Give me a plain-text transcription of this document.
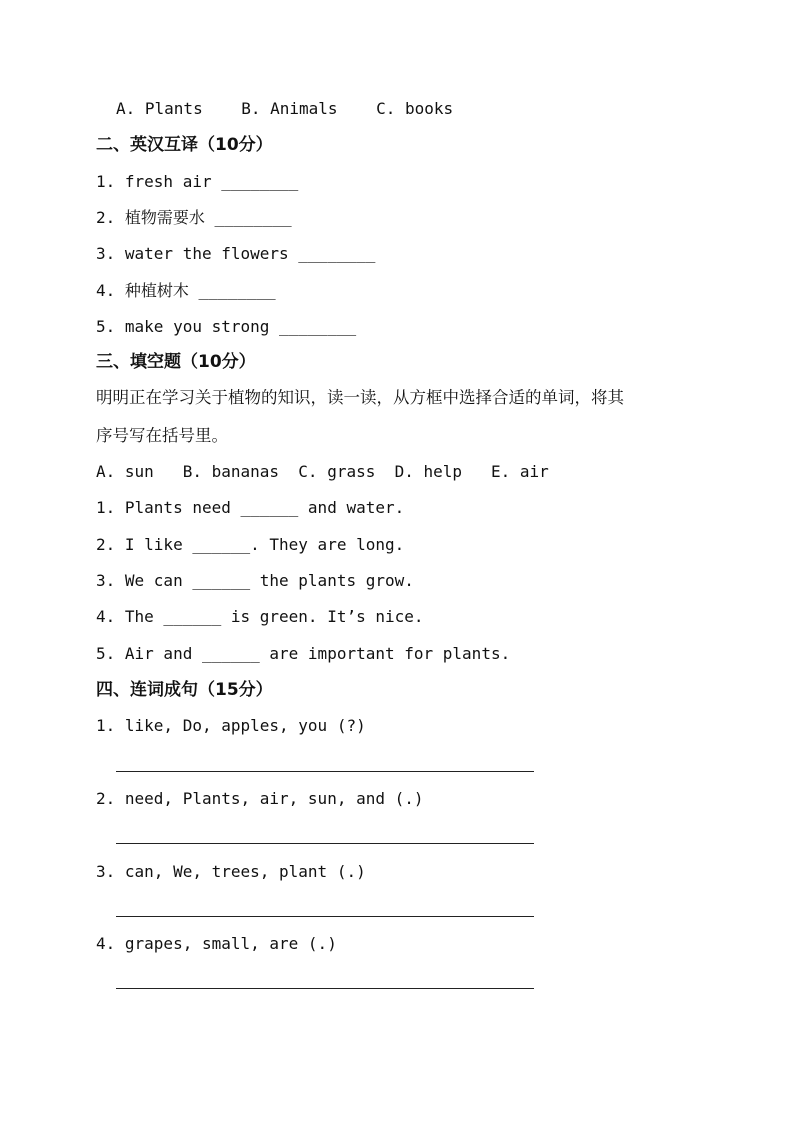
A. Plants    B. Animals    C. books
二、英汉互译（10分）
1. fresh air ________
2. 植物需要水 ________
3. water the flowers ________
4. 种植树木 ________
5. make you strong ________
三、填空题（10分）
明明正在学习关于植物的知识，读一读，从方框中选择合适的单词，将其
序号写在括号里。
A. sun   B. bananas  C. grass  D. help   E. air
1. Plants need ______ and water.
2. I like ______. They are long.
3. We can ______ the plants grow.
4. The ______ is green. It’s nice.
5. Air and ______ are important for plants.
四、连词成句（15分）
1. like, Do, apples, you (?)
2. need, Plants, air, sun, and (.)
3. can, We, trees, plant (.)
4. grapes, small, are (.)
